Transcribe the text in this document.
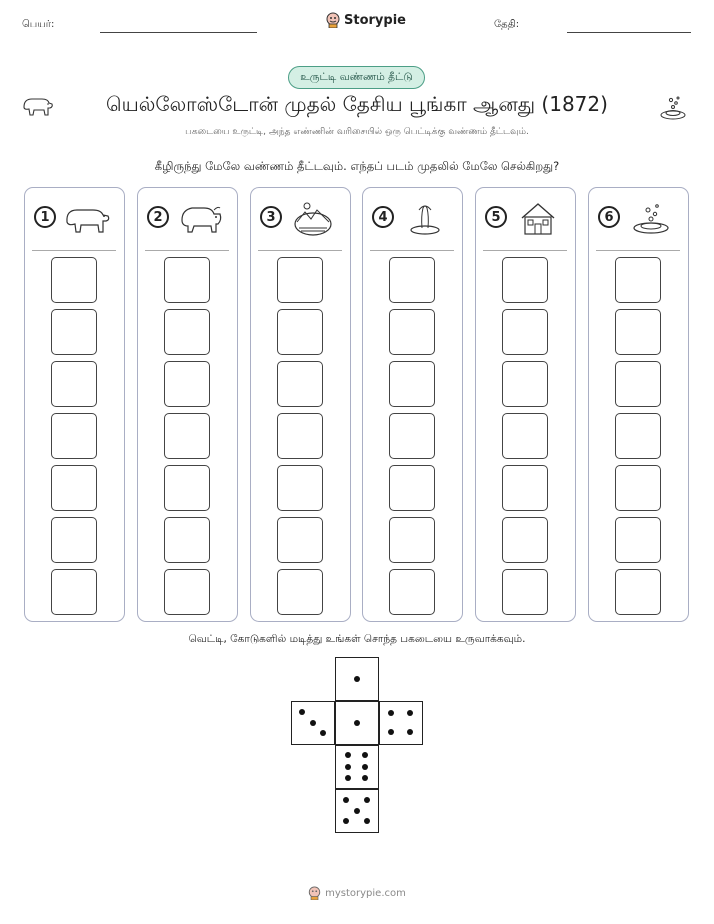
பெயர்:	Storypie	தேதி:
உருட்டி வண்ணம் தீட்டு
யெல்லோஸ்டோன் முதல் தேசிய பூங்கா ஆனது (1872)
பகடையை உருட்டி, அந்த எண்ணின் வரிசையில் ஒரு பெட்டிக்கு வண்ணம் தீட்டவும்.
கீழிருந்து மேலே வண்ணம் தீட்டவும். எந்தப் படம் முதலில் மேலே செல்கிறது?
1	2	3	4	5	6
வெட்டி, கோடுகளில் மடித்து உங்கள் சொந்த பகடையை உருவாக்கவும்.
mystorypie.com
